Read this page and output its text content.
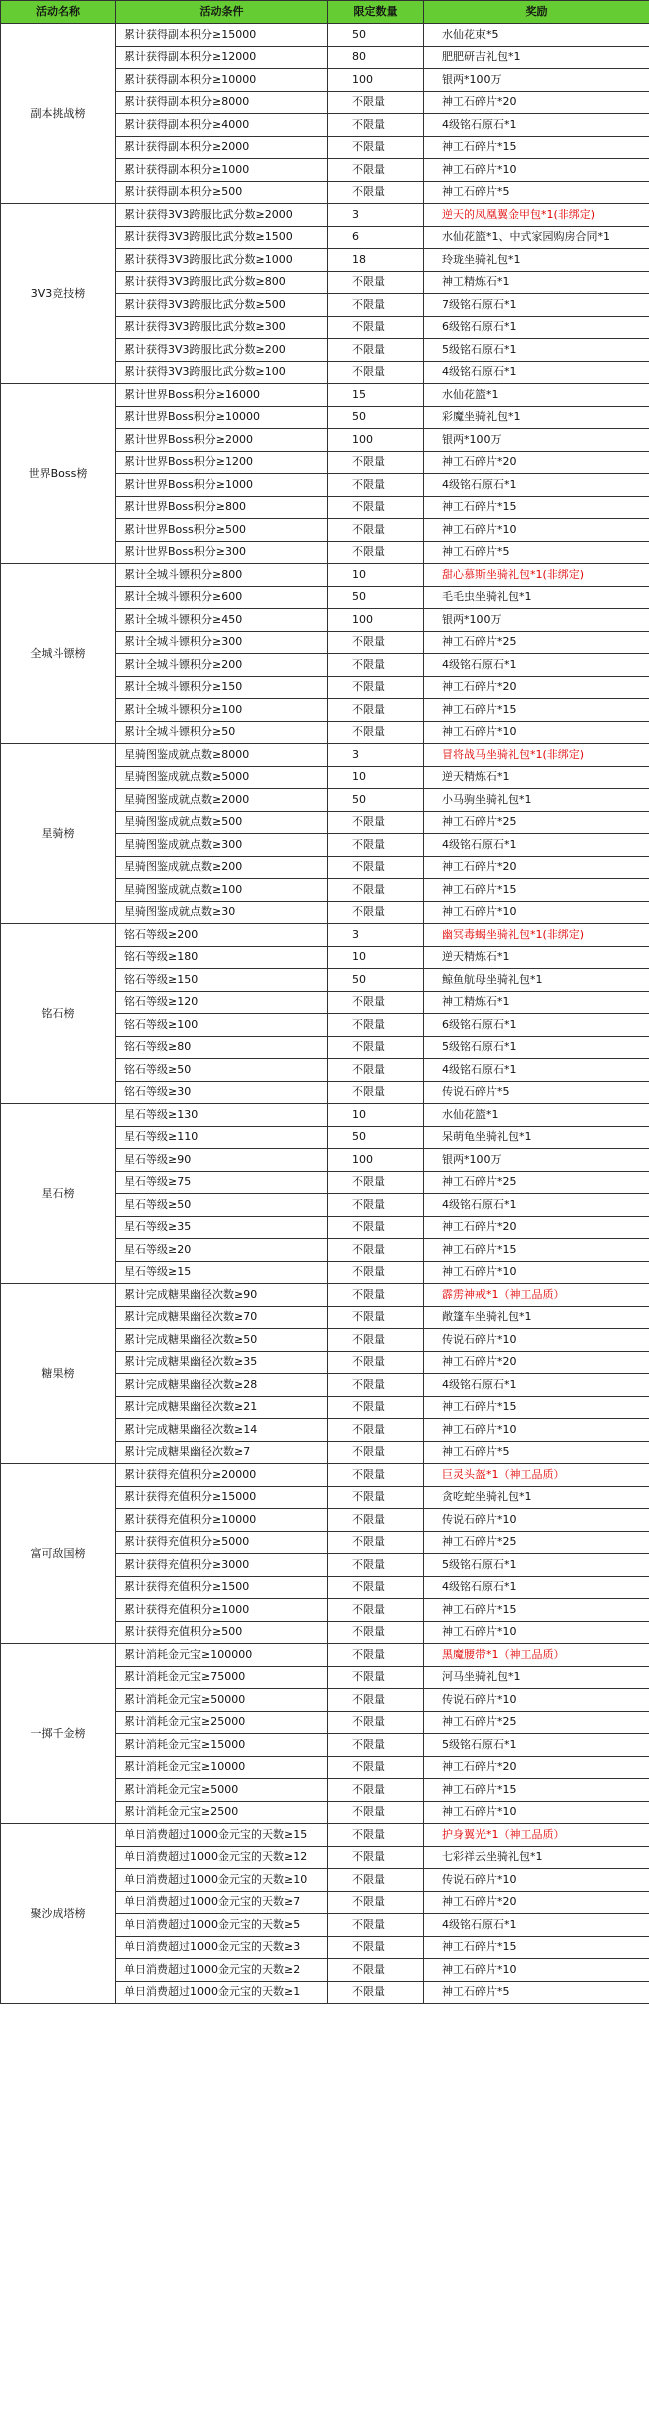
活动名称	活动条件	限定数量	奖励
副本挑战榜	累计获得副本积分≥15000	50	水仙花束*5
	累计获得副本积分≥12000	80	肥肥研吉礼包*1
	累计获得副本积分≥10000	100	银两*100万
	累计获得副本积分≥8000	不限量	神工石碎片*20
	累计获得副本积分≥4000	不限量	4级铭石原石*1
	累计获得副本积分≥2000	不限量	神工石碎片*15
	累计获得副本积分≥1000	不限量	神工石碎片*10
	累计获得副本积分≥500	不限量	神工石碎片*5
3V3竞技榜	累计获得3V3跨服比武分数≥2000	3	逆天的凤凰翼金甲包*1(非绑定)
	累计获得3V3跨服比武分数≥1500	6	水仙花篮*1、中式家园购房合同*1
	累计获得3V3跨服比武分数≥1000	18	玲珑坐骑礼包*1
	累计获得3V3跨服比武分数≥800	不限量	神工精炼石*1
	累计获得3V3跨服比武分数≥500	不限量	7级铭石原石*1
	累计获得3V3跨服比武分数≥300	不限量	6级铭石原石*1
	累计获得3V3跨服比武分数≥200	不限量	5级铭石原石*1
	累计获得3V3跨服比武分数≥100	不限量	4级铭石原石*1
世界Boss榜	累计世界Boss积分≥16000	15	水仙花篮*1
	累计世界Boss积分≥10000	50	彩魔坐骑礼包*1
	累计世界Boss积分≥2000	100	银两*100万
	累计世界Boss积分≥1200	不限量	神工石碎片*20
	累计世界Boss积分≥1000	不限量	4级铭石原石*1
	累计世界Boss积分≥800	不限量	神工石碎片*15
	累计世界Boss积分≥500	不限量	神工石碎片*10
	累计世界Boss积分≥300	不限量	神工石碎片*5
全城斗镖榜	累计全城斗镖积分≥800	10	甜心慕斯坐骑礼包*1(非绑定)
	累计全城斗镖积分≥600	50	毛毛虫坐骑礼包*1
	累计全城斗镖积分≥450	100	银两*100万
	累计全城斗镖积分≥300	不限量	神工石碎片*25
	累计全城斗镖积分≥200	不限量	4级铭石原石*1
	累计全城斗镖积分≥150	不限量	神工石碎片*20
	累计全城斗镖积分≥100	不限量	神工石碎片*15
	累计全城斗镖积分≥50	不限量	神工石碎片*10
星骑榜	星骑图鉴成就点数≥8000	3	冒将战马坐骑礼包*1(非绑定)
	星骑图鉴成就点数≥5000	10	逆天精炼石*1
	星骑图鉴成就点数≥2000	50	小马驹坐骑礼包*1
	星骑图鉴成就点数≥500	不限量	神工石碎片*25
	星骑图鉴成就点数≥300	不限量	4级铭石原石*1
	星骑图鉴成就点数≥200	不限量	神工石碎片*20
	星骑图鉴成就点数≥100	不限量	神工石碎片*15
	星骑图鉴成就点数≥30	不限量	神工石碎片*10
铭石榜	铭石等级≥200	3	幽冥毒蝎坐骑礼包*1(非绑定)
	铭石等级≥180	10	逆天精炼石*1
	铭石等级≥150	50	鲸鱼航母坐骑礼包*1
	铭石等级≥120	不限量	神工精炼石*1
	铭石等级≥100	不限量	6级铭石原石*1
	铭石等级≥80	不限量	5级铭石原石*1
	铭石等级≥50	不限量	4级铭石原石*1
	铭石等级≥30	不限量	传说石碎片*5
星石榜	星石等级≥130	10	水仙花篮*1
	星石等级≥110	50	呆萌龟坐骑礼包*1
	星石等级≥90	100	银两*100万
	星石等级≥75	不限量	神工石碎片*25
	星石等级≥50	不限量	4级铭石原石*1
	星石等级≥35	不限量	神工石碎片*20
	星石等级≥20	不限量	神工石碎片*15
	星石等级≥15	不限量	神工石碎片*10
糖果榜	累计完成糖果幽径次数≥90	不限量	霹雳神戒*1（神工品质）
	累计完成糖果幽径次数≥70	不限量	敞篷车坐骑礼包*1
	累计完成糖果幽径次数≥50	不限量	传说石碎片*10
	累计完成糖果幽径次数≥35	不限量	神工石碎片*20
	累计完成糖果幽径次数≥28	不限量	4级铭石原石*1
	累计完成糖果幽径次数≥21	不限量	神工石碎片*15
	累计完成糖果幽径次数≥14	不限量	神工石碎片*10
	累计完成糖果幽径次数≥7	不限量	神工石碎片*5
富可敌国榜	累计获得充值积分≥20000	不限量	巨灵头盔*1（神工品质）
	累计获得充值积分≥15000	不限量	贪吃蛇坐骑礼包*1
	累计获得充值积分≥10000	不限量	传说石碎片*10
	累计获得充值积分≥5000	不限量	神工石碎片*25
	累计获得充值积分≥3000	不限量	5级铭石原石*1
	累计获得充值积分≥1500	不限量	4级铭石原石*1
	累计获得充值积分≥1000	不限量	神工石碎片*15
	累计获得充值积分≥500	不限量	神工石碎片*10
一掷千金榜	累计消耗金元宝≥100000	不限量	黑魔腰带*1（神工品质）
	累计消耗金元宝≥75000	不限量	河马坐骑礼包*1
	累计消耗金元宝≥50000	不限量	传说石碎片*10
	累计消耗金元宝≥25000	不限量	神工石碎片*25
	累计消耗金元宝≥15000	不限量	5级铭石原石*1
	累计消耗金元宝≥10000	不限量	神工石碎片*20
	累计消耗金元宝≥5000	不限量	神工石碎片*15
	累计消耗金元宝≥2500	不限量	神工石碎片*10
聚沙成塔榜	单日消费超过1000金元宝的天数≥15	不限量	护身翼光*1（神工品质）
	单日消费超过1000金元宝的天数≥12	不限量	七彩祥云坐骑礼包*1
	单日消费超过1000金元宝的天数≥10	不限量	传说石碎片*10
	单日消费超过1000金元宝的天数≥7	不限量	神工石碎片*20
	单日消费超过1000金元宝的天数≥5	不限量	4级铭石原石*1
	单日消费超过1000金元宝的天数≥3	不限量	神工石碎片*15
	单日消费超过1000金元宝的天数≥2	不限量	神工石碎片*10
	单日消费超过1000金元宝的天数≥1	不限量	神工石碎片*5
